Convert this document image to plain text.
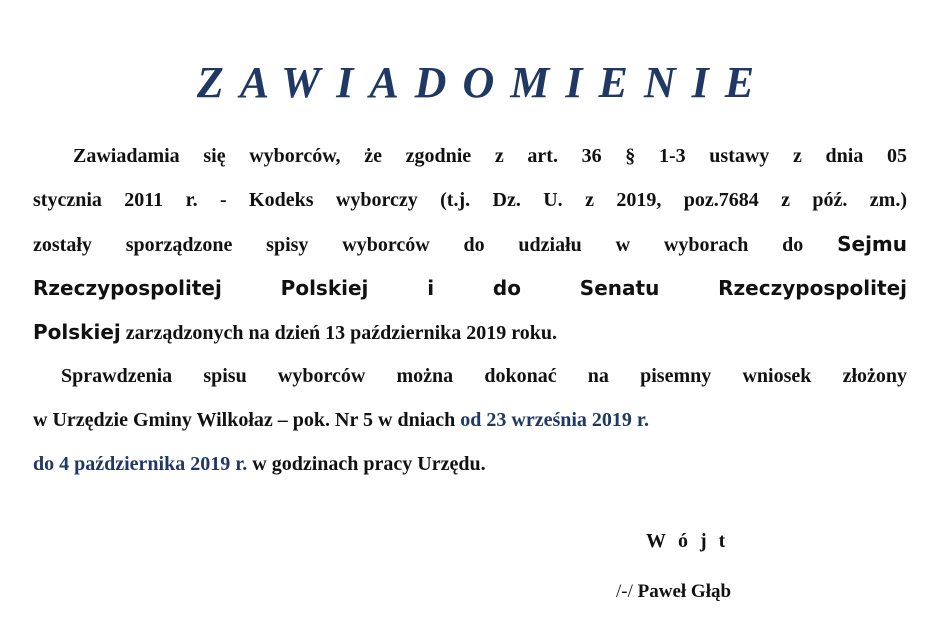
ZAWIADOMIENIE
Zawiadamia się wyborców, że zgodnie z art. 36 § 1-3 ustawy z dnia 05
stycznia 2011 r. - Kodeks wyborczy (t.j. Dz. U. z 2019, poz.7684 z póź. zm.)
zostały sporządzone spisy wyborców do udziału w wyborach do Sejmu
Rzeczypospolitej Polskiej i do Senatu Rzeczypospolitej
Polskiej zarządzonych na dzień 13 października 2019 roku.
Sprawdzenia spisu wyborców można dokonać na pisemny wniosek złożony
w Urzędzie Gminy Wilkołaz – pok. Nr 5 w dniach od 23 września 2019 r.
do 4 października 2019 r. w godzinach pracy Urzędu.
Wójt
/-/ Paweł Głąb
